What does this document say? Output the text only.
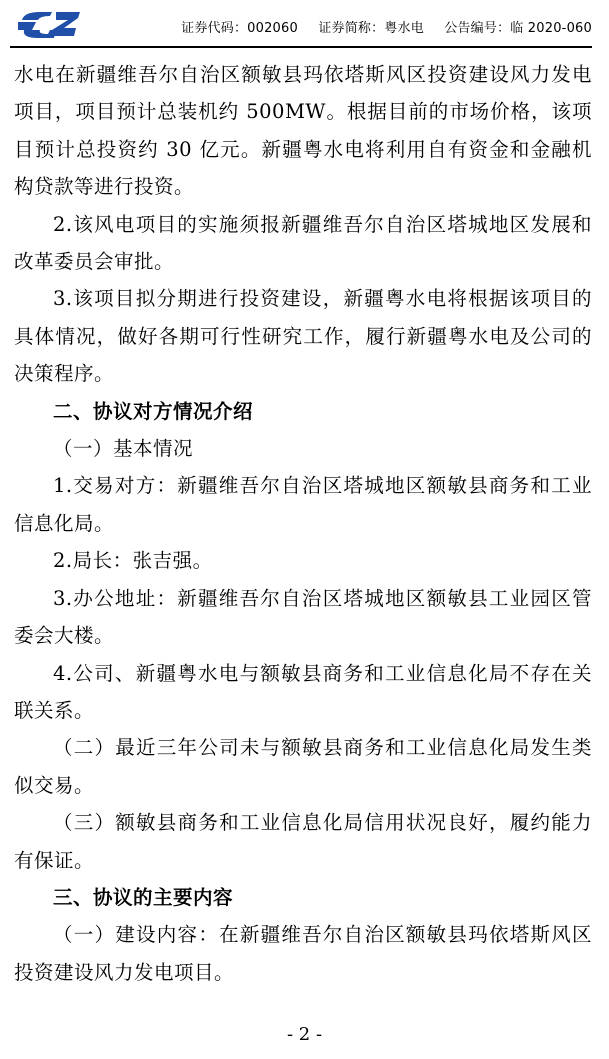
证券代码：002060 证券简称：粤水电 公告编号：临 2020-060

水电在新疆维吾尔自治区额敏县玛依塔斯风区投资建设风力发电项目，项目预计总装机约 500MW。根据目前的市场价格，该项目预计总投资约 30 亿元。新疆粤水电将利用自有资金和金融机构贷款等进行投资。

2.该风电项目的实施须报新疆维吾尔自治区塔城地区发展和改革委员会审批。

3.该项目拟分期进行投资建设，新疆粤水电将根据该项目的具体情况，做好各期可行性研究工作，履行新疆粤水电及公司的决策程序。

二、协议对方情况介绍

（一）基本情况

1.交易对方：新疆维吾尔自治区塔城地区额敏县商务和工业信息化局。

2.局长：张吉强。

3.办公地址：新疆维吾尔自治区塔城地区额敏县工业园区管委会大楼。

4.公司、新疆粤水电与额敏县商务和工业信息化局不存在关联关系。

（二）最近三年公司未与额敏县商务和工业信息化局发生类似交易。

（三）额敏县商务和工业信息化局信用状况良好，履约能力有保证。

三、协议的主要内容

（一）建设内容：在新疆维吾尔自治区额敏县玛依塔斯风区投资建设风力发电项目。

- 2 -
